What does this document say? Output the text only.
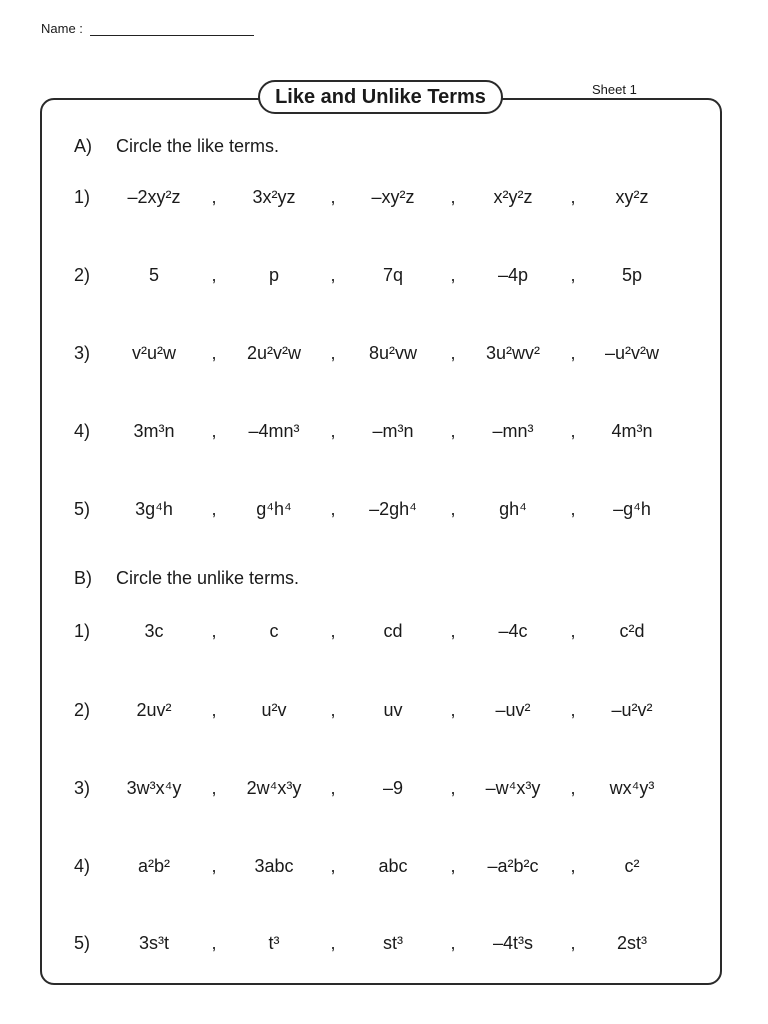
Name :
Sheet 1
Like and Unlike Terms
A) Circle the like terms.
1)	–2xy²z	,	3x²yz	,	–xy²z	,	x²y²z	,	xy²z
2)	5	,	p	,	7q	,	–4p	,	5p
3)	v²u²w	,	2u²v²w	,	8u²vw	,	3u²wv²	,	–u²v²w
4)	3m³n	,	–4mn³	,	–m³n	,	–mn³	,	4m³n
5)	3g⁴h	,	g⁴h⁴	,	–2gh⁴	,	gh⁴	,	–g⁴h
B) Circle the unlike terms.
1)	3c	,	c	,	cd	,	–4c	,	c²d
2)	2uv²	,	u²v	,	uv	,	–uv²	,	–u²v²
3)	3w³x⁴y	,	2w⁴x³y	,	–9	,	–w⁴x³y	,	wx⁴y³
4)	a²b²	,	3abc	,	abc	,	–a²b²c	,	c²
5)	3s³t	,	t³	,	st³	,	–4t³s	,	2st³
